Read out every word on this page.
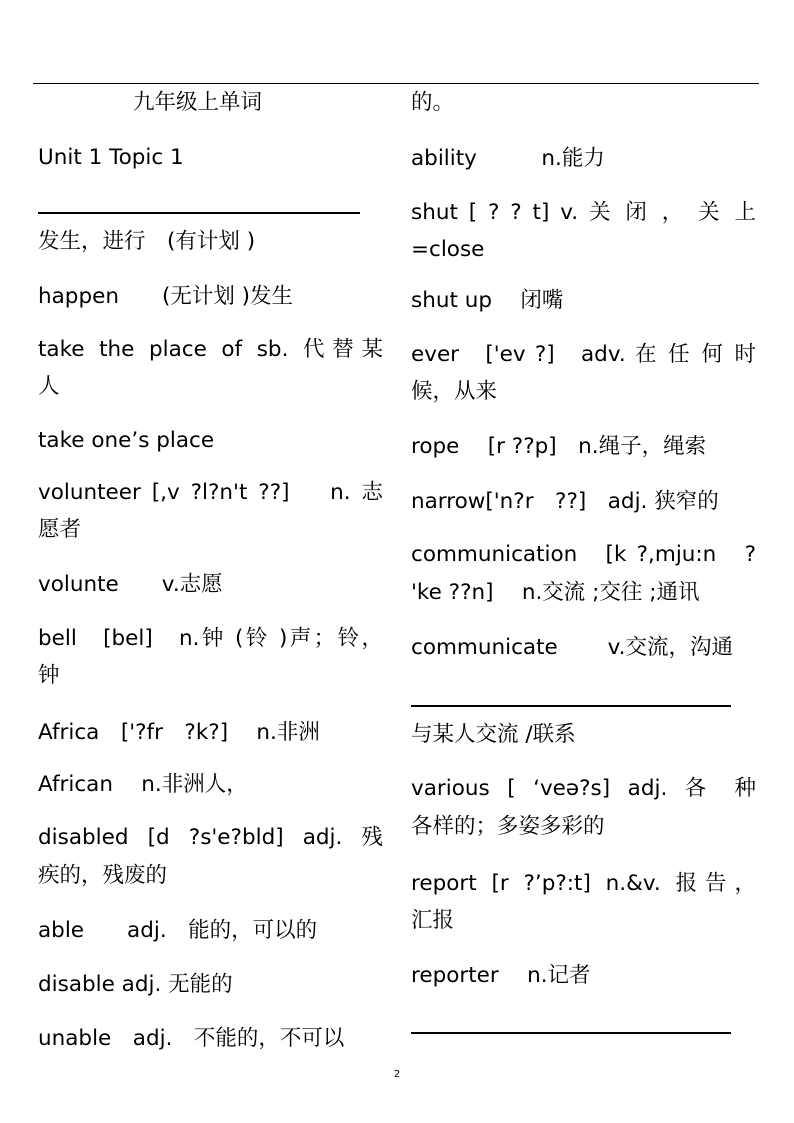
九年级上单词
Unit 1 Topic 1
发生，进行　(有计划 )
happen　　(无计划 )发生
take the place of sb. 代替某
人
take one’s place
volunteer [,v ?l?n't ??]　 n. 志
愿者
volunte　　v.志愿
bell　[bel]　n.钟 (铃 )声；铃，
钟
Africa　['?fr　?k?]　 n.非洲
African　 n.非洲人，
disabled [d ?s'e?bld] adj. 残
疾的，残废的
able　　adj.　能的，可以的
disable adj. 无能的
unable　adj.　不能的，不可以
的。
ability　　　n.能力
shut [ ? ? t] v. 关 闭 ， 关 上
=close
shut up　 闭嘴
ever　['ev ?]　adv. 在 任 何 时
候，从来
rope　 [r ??p]　n.绳子，绳索
narrow['n?r　??]　adj. 狭窄的
communication　[k ?,mju:n　?
'ke ??n]　 n.交流 ;交往 ;通讯
communicate　　 v.交流，沟通
与某人交流 /联系
various [ ‘veə?s] adj. 各 种
各样的；多姿多彩的
report [r ?’p?:t] n.&v. 报告，
汇报
reporter　 n.记者
2
